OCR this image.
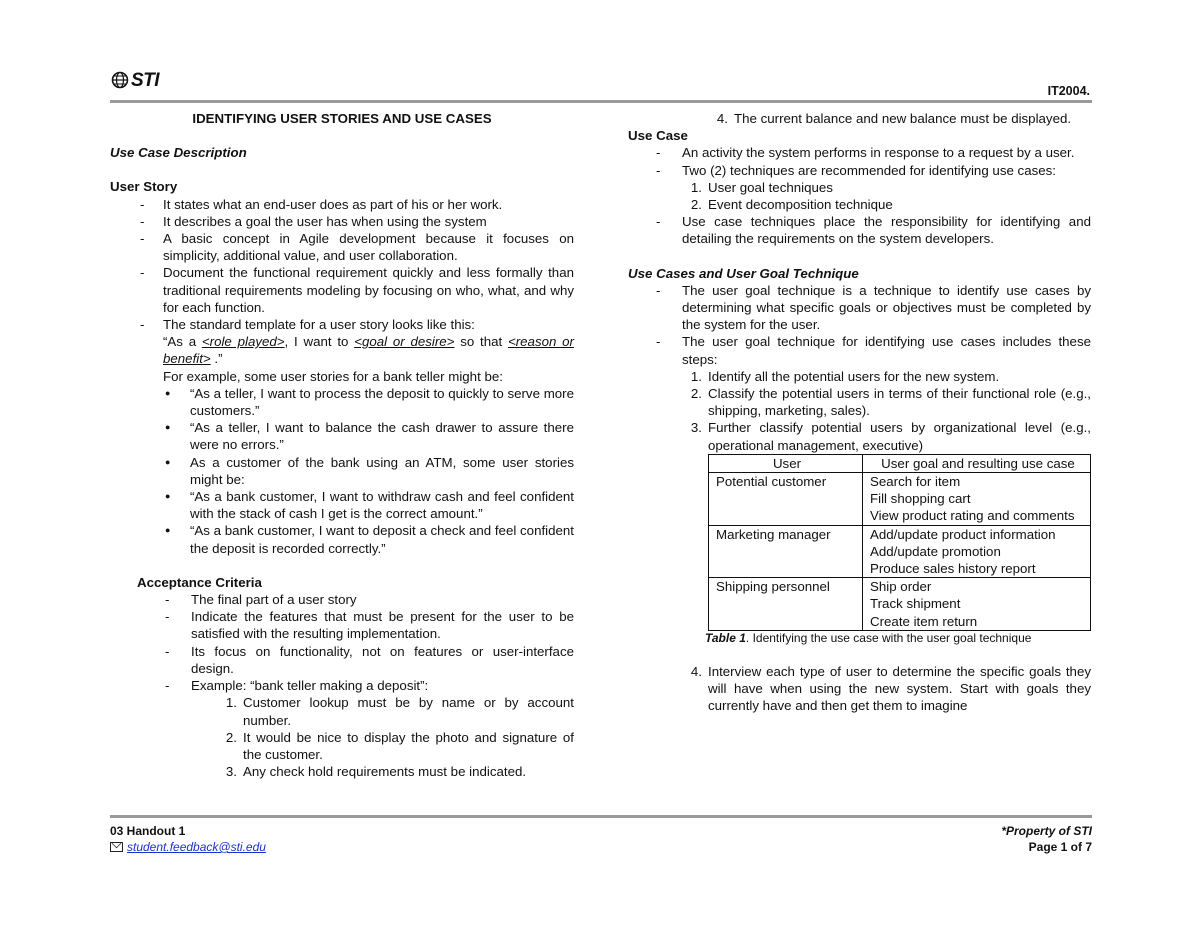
STI	IT2004.
IDENTIFYING USER STORIES AND USE CASES
Use Case Description
User Story
- It states what an end-user does as part of his or her work.
- It describes a goal the user has when using the system
- A basic concept in Agile development because it focuses on simplicity, additional value, and user collaboration.
- Document the functional requirement quickly and less formally than traditional requirements modeling by focusing on who, what, and why for each function.
- The standard template for a user story looks like this:
“As a <role played>, I want to <goal or desire> so that <reason or benefit> .”
For example, some user stories for a bank teller might be:
● “As a teller, I want to process the deposit to quickly to serve more customers.”
● “As a teller, I want to balance the cash drawer to assure there were no errors.”
● As a customer of the bank using an ATM, some user stories might be:
● “As a bank customer, I want to withdraw cash and feel confident with the stack of cash I get is the correct amount.”
● “As a bank customer, I want to deposit a check and feel confident the deposit is recorded correctly.”
Acceptance Criteria
- The final part of a user story
- Indicate the features that must be present for the user to be satisfied with the resulting implementation.
- Its focus on functionality, not on features or user-interface design.
- Example: “bank teller making a deposit”:
1. Customer lookup must be by name or by account number.
2. It would be nice to display the photo and signature of the customer.
3. Any check hold requirements must be indicated.
4. The current balance and new balance must be displayed.
Use Case
- An activity the system performs in response to a request by a user.
- Two (2) techniques are recommended for identifying use cases:
1. User goal techniques
2. Event decomposition technique
- Use case techniques place the responsibility for identifying and detailing the requirements on the system developers.
Use Cases and User Goal Technique
- The user goal technique is a technique to identify use cases by determining what specific goals or objectives must be completed by the system for the user.
- The user goal technique for identifying use cases includes these steps:
1. Identify all the potential users for the new system.
2. Classify the potential users in terms of their functional role (e.g., shipping, marketing, sales).
3. Further classify potential users by organizational level (e.g., operational management, executive)
User	User goal and resulting use case
Potential customer	Search for item
Fill shopping cart
View product rating and comments

Marketing manager	Add/update product information
Add/update promotion
Produce sales history report

Shipping personnel	Ship order
Track shipment
Create item return
Table 1. Identifying the use case with the user goal technique
4. Interview each type of user to determine the specific goals they will have when using the new system. Start with goals they currently have and then get them to imagine
03 Handout 1
student.feedback@sti.edu
*Property of STI
Page 1 of 7
